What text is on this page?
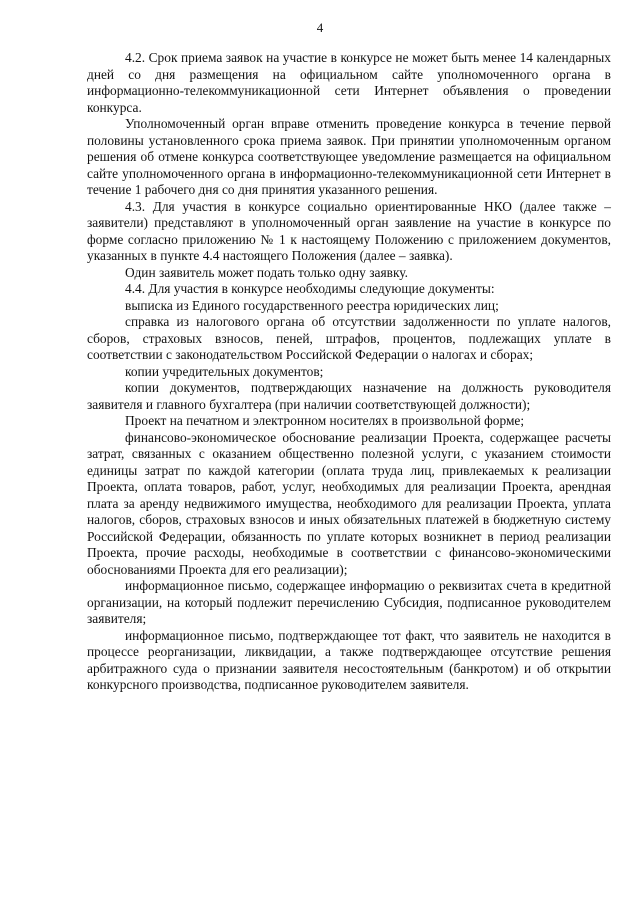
4

4.2. Срок приема заявок на участие в конкурсе не может быть менее 14 календарных дней со дня размещения на официальном сайте уполномоченного органа в информационно-телекоммуникационной сети Интернет объявления о проведении конкурса.

Уполномоченный орган вправе отменить проведение конкурса в течение первой половины установленного срока приема заявок. При принятии уполномоченным органом решения об отмене конкурса соответствующее уведомление размещается на официальном сайте уполномоченного органа в информационно-телекоммуникационной сети Интернет в течение 1 рабочего дня со дня принятия указанного решения.

4.3. Для участия в конкурсе социально ориентированные НКО (далее также – заявители) представляют в уполномоченный орган заявление на участие в конкурсе по форме согласно приложению № 1 к настоящему Положению с приложением документов, указанных в пункте 4.4 настоящего Положения (далее – заявка).

Один заявитель может подать только одну заявку.

4.4. Для участия в конкурсе необходимы следующие документы:

выписка из Единого государственного реестра юридических лиц;

справка из налогового органа об отсутствии задолженности по уплате налогов, сборов, страховых взносов, пеней, штрафов, процентов, подлежащих уплате в соответствии с законодательством Российской Федерации о налогах и сборах;

копии учредительных документов;

копии документов, подтверждающих назначение на должность руководителя заявителя и главного бухгалтера (при наличии соответствующей должности);

Проект на печатном и электронном носителях в произвольной форме;

финансово-экономическое обоснование реализации Проекта, содержащее расчеты затрат, связанных с оказанием общественно полезной услуги, с указанием стоимости единицы затрат по каждой категории (оплата труда лиц, привлекаемых к реализации Проекта, оплата товаров, работ, услуг, необходимых для реализации Проекта, арендная плата за аренду недвижимого имущества, необходимого для реализации Проекта, уплата налогов, сборов, страховых взносов и иных обязательных платежей в бюджетную систему Российской Федерации, обязанность по уплате которых возникнет в период реализации Проекта, прочие расходы, необходимые в соответствии с финансово-экономическими обоснованиями Проекта для его реализации);

информационное письмо, содержащее информацию о реквизитах счета в кредитной организации, на который подлежит перечислению Субсидия, подписанное руководителем заявителя;

информационное письмо, подтверждающее тот факт, что заявитель не находится в процессе реорганизации, ликвидации, а также подтверждающее отсутствие решения арбитражного суда о признании заявителя несостоятельным (банкротом) и об открытии конкурсного производства, подписанное руководителем заявителя.
